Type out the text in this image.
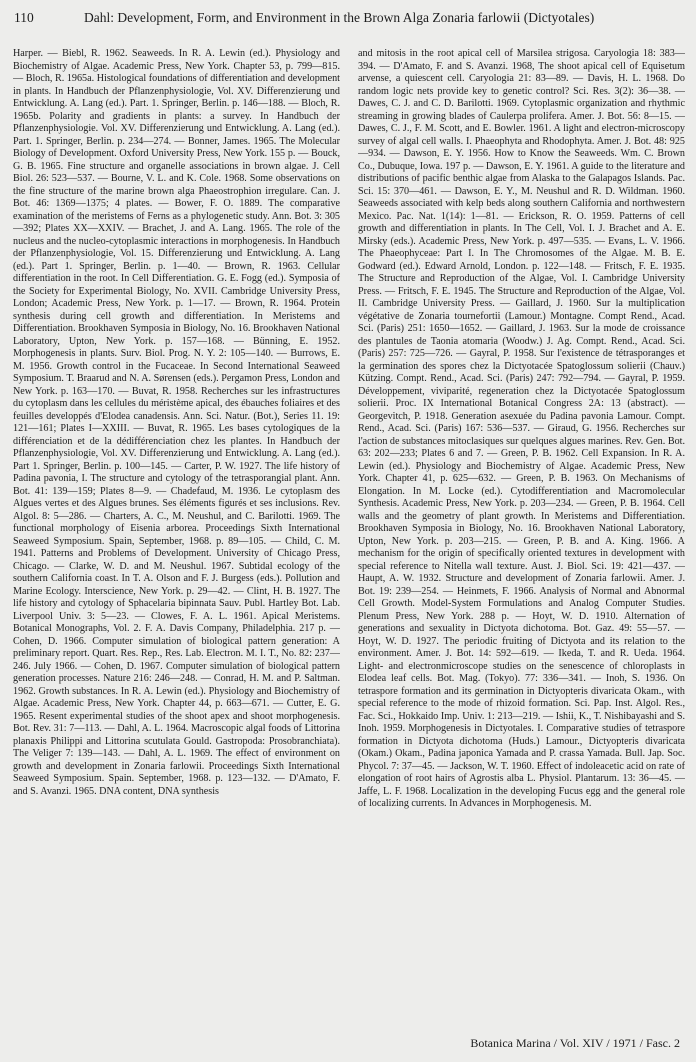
110	Dahl: Development, Form, and Environment in the Brown Alga Zonaria farlowii (Dictyotales)

Harper. — Biebl, R. 1962. Seaweeds. In R. A. Lewin (ed.). Physiology and Biochemistry of Algae. Academic Press, New York. Chapter 53, p. 799—815. — Bloch, R. 1965a. Histological foundations of differentiation and development in plants. In Handbuch der Pflanzenphysiologie, Vol. XV. Differenzierung und Entwicklung. A. Lang (ed.). Part. 1. Springer, Berlin. p. 146—188. — Bloch, R. 1965b. Polarity and gradients in plants: a survey. In Handbuch der Pflanzenphysiologie. Vol. XV. Differenzierung und Entwicklung. A. Lang (ed.). Part. 1. Springer, Berlin. p. 234—274. — Bonner, James. 1965. The Molecular Biology of Development. Oxford University Press, New York. 155 p. — Bouck, G. B. 1965. Fine structure and organelle associations in brown algae. J. Cell Biol. 26: 523—537. — Bourne, V. L. and K. Cole. 1968. Some observations on the fine structure of the marine brown alga Phaeostrophion irregulare. Can. J. Bot. 46: 1369—1375; 4 plates. — Bower, F. O. 1889. The comparative examination of the meristems of Ferns as a phylogenetic study. Ann. Bot. 3: 305—392; Plates XX—XXIV. — Brachet, J. and A. Lang. 1965. The role of the nucleus and the nucleo-cytoplasmic interactions in morphogenesis. In Handbuch der Pflanzenphysiologie, Vol. 15. Differenzierung und Entwicklung. A. Lang (ed.). Part 1. Springer, Berlin. p. 1—40. — Brown, R. 1963. Cellular differentiation in the root. In Cell Differentiation. G. E. Fogg (ed.). Symposia of the Society for Experimental Biology, No. XVII. Cambridge University Press, London; Academic Press, New York. p. 1—17. — Brown, R. 1964. Protein synthesis during cell growth and differentiation. In Meristems and Differentiation. Brookhaven Symposia in Biology, No. 16. Brookhaven National Laboratory, Upton, New York. p. 157—168. — Bünning, E. 1952. Morphogenesis in plants. Surv. Biol. Prog. N. Y. 2: 105—140. — Burrows, E. M. 1956. Growth control in the Fucaceae. In Second International Seaweed Symposium. T. Braarud and N. A. Sørensen (eds.). Pergamon Press, London and New York. p. 163—170. — Buvat, R. 1958. Recherches sur les infrastructures du cytoplasm dans les cellules du méristème apical, des ébauches foliaires et des feuilles developpés d'Elodea canadensis. Ann. Sci. Natur. (Bot.), Series 11. 19: 121—161; Plates I—XXIII. — Buvat, R. 1965. Les bases cytologiques de la différenciation et de la dédifférenciation chez les plantes. In Handbuch der Pflanzenphysiologie, Vol. XV. Differenzierung und Entwicklung. A. Lang (ed.). Part 1. Springer, Berlin. p. 100—145. — Carter, P. W. 1927. The life history of Padina pavonia, I. The structure and cytology of the tetrasporangial plant. Ann. Bot. 41: 139—159; Plates 8—9. — Chadefaud, M. 1936. Le cytoplasm des Algues vertes et des Algues brunes. Ses éléments figurés et ses inclusions. Rev. Algol. 8: 5—286. — Charters, A. C., M. Neushul, and C. Barilotti. 1969. The functional morphology of Eisenia arborea. Proceedings Sixth International Seaweed Symposium. Spain, September, 1968. p. 89—105. — Child, C. M. 1941. Patterns and Problems of Development. University of Chicago Press, Chicago. — Clarke, W. D. and M. Neushul. 1967. Subtidal ecology of the southern California coast. In T. A. Olson and F. J. Burgess (eds.). Pollution and Marine Ecology. Interscience, New York. p. 29—42. — Clint, H. B. 1927. The life history and cytology of Sphacelaria bipinnata Sauv. Publ. Hartley Bot. Lab. Liverpool Univ. 3: 5—23. — Clowes, F. A. L. 1961. Apical Meristems. Botanical Monographs, Vol. 2. F. A. Davis Company, Philadelphia. 217 p. — Cohen, D. 1966. Computer simulation of biological pattern generation: A preliminary report. Quart. Res. Rep., Res. Lab. Electron. M. I. T., No. 82: 237—246. July 1966. — Cohen, D. 1967. Computer simulation of biological pattern generation processes. Nature 216: 246—248. — Conrad, H. M. and P. Saltman. 1962. Growth substances. In R. A. Lewin (ed.). Physiology and Biochemistry of Algae. Academic Press, New York. Chapter 44, p. 663—671. — Cutter, E. G. 1965. Resent experimental studies of the shoot apex and shoot morphogenesis. Bot. Rev. 31: 7—113. — Dahl, A. L. 1964. Macroscopic algal foods of Littorina planaxis Philippi and Littorina scutulata Gould. Gastropoda: Prosobranchiata). The Veliger 7: 139—143. — Dahl, A. L. 1969. The effect of environment on growth and development in Zonaria farlowii. Proceedings Sixth International Seaweed Symposium. Spain. September, 1968. p. 123—132. — D'Amato, F. and S. Avanzi. 1965. DNA content, DNA synthesis

and mitosis in the root apical cell of Marsilea strigosa. Caryologia 18: 383—394. — D'Amato, F. and S. Avanzi. 1968, The shoot apical cell of Equisetum arvense, a quiescent cell. Caryologia 21: 83—89. — Davis, H. L. 1968. Do random logic nets provide key to genetic control? Sci. Res. 3(2): 36—38. — Dawes, C. J. and C. D. Barilotti. 1969. Cytoplasmic organization and rhythmic streaming in growing blades of Caulerpa prolifera. Amer. J. Bot. 56: 8—15. — Dawes, C. J., F. M. Scott, and E. Bowler. 1961. A light and electron-microscopy survey of algal cell walls. I. Phaeophyta and Rhodophyta. Amer. J. Bot. 48: 925—934. — Dawson, E. Y. 1956. How to Know the Seaweeds. Wm. C. Brown Co., Dubuque, Iowa. 197 p. — Dawson, E. Y. 1961. A guide to the literature and distributions of pacific benthic algae from Alaska to the Galapagos Islands. Pac. Sci. 15: 370—461. — Dawson, E. Y., M. Neushul and R. D. Wildman. 1960. Seaweeds associated with kelp beds along southern California and northwestern Mexico. Pac. Nat. 1(14): 1—81. — Erickson, R. O. 1959. Patterns of cell growth and differentiation in plants. In The Cell, Vol. I. J. Brachet and A. E. Mirsky (eds.). Academic Press, New York. p. 497—535. — Evans, L. V. 1966. The Phaeophyceae: Part I. In The Chromosomes of the Algae. M. B. E. Godward (ed.). Edward Arnold, London. p. 122—148. — Fritsch, F. E. 1935. The Structure and Reproduction of the Algae, Vol. I. Cambridge University Press. — Fritsch, F. E. 1945. The Structure and Reproduction of the Algae, Vol. II. Cambridge University Press. — Gaillard, J. 1960. Sur la multiplication végétative de Zonaria tournefortii (Lamour.) Montagne. Compt Rend., Acad. Sci. (Paris) 251: 1650—1652. — Gaillard, J. 1963. Sur la mode de croissance des plantules de Taonia atomaria (Woodw.) J. Ag. Compt. Rend., Acad. Sci. (Paris) 257: 725—726. — Gayral, P. 1958. Sur l'existence de tétrasporanges et la germination des spores chez la Dictyotacée Spatoglossum solierii (Chauv.) Kützing. Compt. Rend., Acad. Sci. (Paris) 247: 792—794. — Gayral, P. 1959. Développement, viviparité, regeneration chez la Dictyotacée Spatoglossum solierii. Proc. IX International Botanical Congress 2A: 13 (abstract). — Georgevitch, P. 1918. Generation asexuée du Padina pavonia Lamour. Compt. Rend., Acad. Sci. (Paris) 167: 536—537. — Giraud, G. 1956. Recherches sur l'action de substances mitoclasiques sur quelques algues marines. Rev. Gen. Bot. 63: 202—233; Plates 6 and 7. — Green, P. B. 1962. Cell Expansion. In R. A. Lewin (ed.). Physiology and Biochemistry of Algae. Academic Press, New York. Chapter 41, p. 625—632. — Green, P. B. 1963. On Mechanisms of Elongation. In M. Locke (ed.). Cytodifferentiation and Macromolecular Synthesis. Academic Press, New York. p. 203—234. — Green, P. B. 1964. Cell walls and the geometry of plant growth. In Meristems and Differentiation. Brookhaven Symposia in Biology, No. 16. Brookhaven National Laboratory, Upton, New York. p. 203—215. — Green, P. B. and A. King. 1966. A mechanism for the origin of specifically oriented textures in development with special reference to Nitella wall texture. Aust. J. Biol. Sci. 19: 421—437. — Haupt, A. W. 1932. Structure and development of Zonaria farlowii. Amer. J. Bot. 19: 239—254. — Heinmets, F. 1966. Analysis of Normal and Abnormal Cell Growth. Model-System Formulations and Analog Computer Studies. Plenum Press, New York. 288 p. — Hoyt, W. D. 1910. Alternation of generations and sexuality in Dictyota dichotoma. Bot. Gaz. 49: 55—57. — Hoyt, W. D. 1927. The periodic fruiting of Dictyota and its relation to the environment. Amer. J. Bot. 14: 592—619. — Ikeda, T. and R. Ueda. 1964. Light- and electronmicroscope studies on the senescence of chloroplasts in Elodea leaf cells. Bot. Mag. (Tokyo). 77: 336—341. — Inoh, S. 1936. On tetraspore formation and its germination in Dictyopteris divaricata Okam., with special reference to the mode of rhizoid formation. Sci. Pap. Inst. Algol. Res., Fac. Sci., Hokkaido Imp. Univ. 1: 213—219. — Ishii, K., T. Nishibayashi and S. Inoh. 1959. Morphogenesis in Dictyotales. I. Comparative studies of tetraspore formation in Dictyota dichotoma (Huds.) Lamour., Dictyopteris divaricata (Okam.) Okam., Padina japonica Yamada and P. crassa Yamada. Bull. Jap. Soc. Phycol. 7: 37—45. — Jackson, W. T. 1960. Effect of indoleacetic acid on rate of elongation of root hairs of Agrostis alba L. Physiol. Plantarum. 13: 36—45. — Jaffe, L. F. 1968. Localization in the developing Fucus egg and the general role of localizing currents. In Advances in Morphogenesis. M.

Botanica Marina / Vol. XIV / 1971 / Fasc. 2
